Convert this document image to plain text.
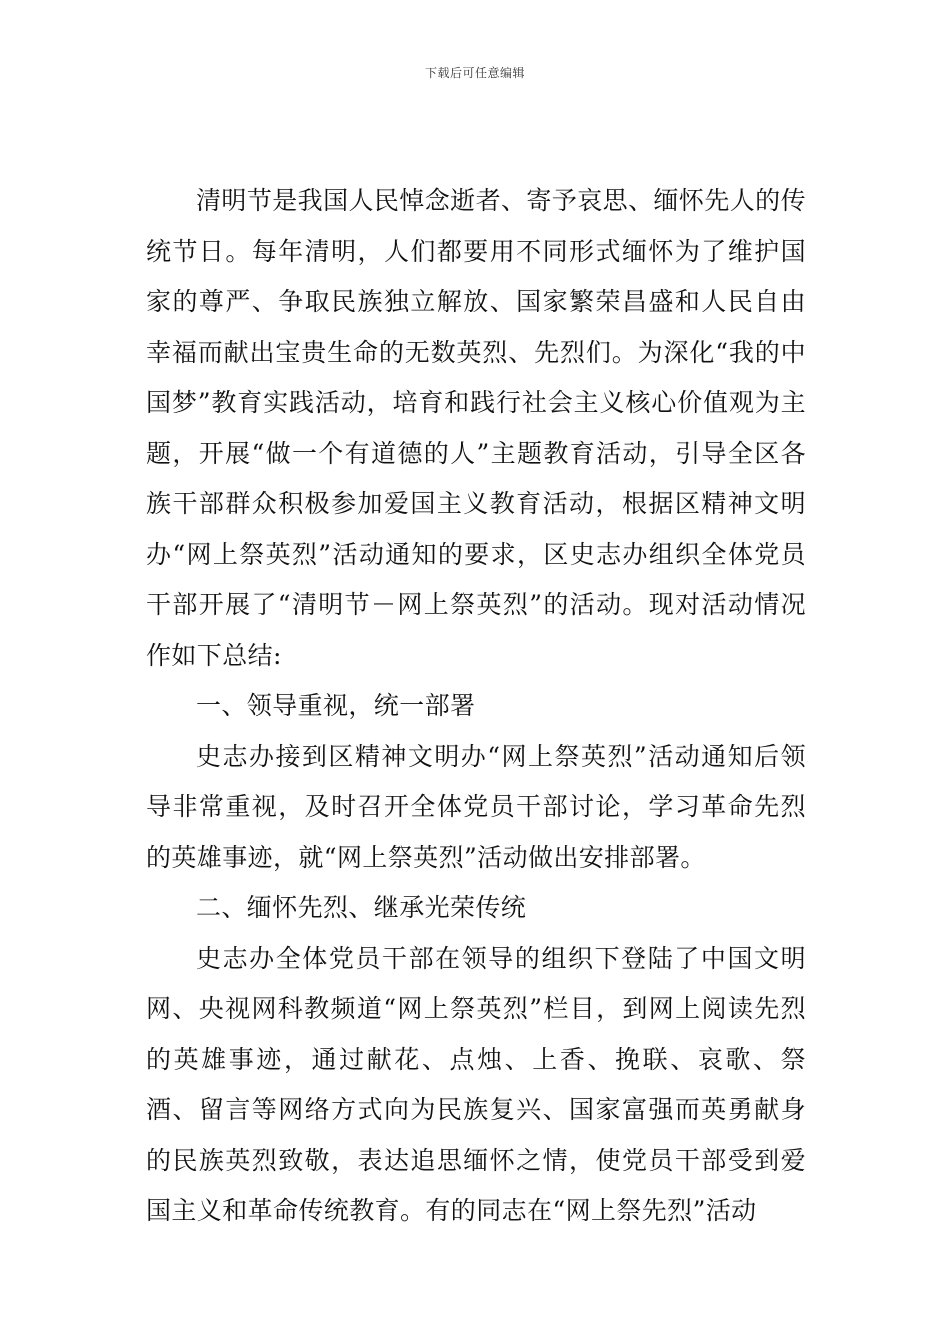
下载后可任意编辑

清明节是我国人民悼念逝者、寄予哀思、缅怀先人的传统节日。每年清明，人们都要用不同形式缅怀为了维护国家的尊严、争取民族独立解放、国家繁荣昌盛和人民自由幸福而献出宝贵生命的无数英烈、先烈们。为深化“我的中国梦”教育实践活动，培育和践行社会主义核心价值观为主题，开展“做一个有道德的人”主题教育活动，引导全区各族干部群众积极参加爱国主义教育活动，根据区精神文明办“网上祭英烈”活动通知的要求，区史志办组织全体党员干部开展了“清明节－网上祭英烈”的活动。现对活动情况作如下总结:

一、领导重视，统一部署

史志办接到区精神文明办“网上祭英烈”活动通知后领导非常重视，及时召开全体党员干部讨论，学习革命先烈的英雄事迹，就“网上祭英烈”活动做出安排部署。

二、缅怀先烈、继承光荣传统

史志办全体党员干部在领导的组织下登陆了中国文明网、央视网科教频道“网上祭英烈”栏目，到网上阅读先烈的英雄事迹，通过献花、点烛、上香、挽联、哀歌、祭酒、留言等网络方式向为民族复兴、国家富强而英勇献身的民族英烈致敬，表达追思缅怀之情，使党员干部受到爱国主义和革命传统教育。有的同志在“网上祭先烈”活动
